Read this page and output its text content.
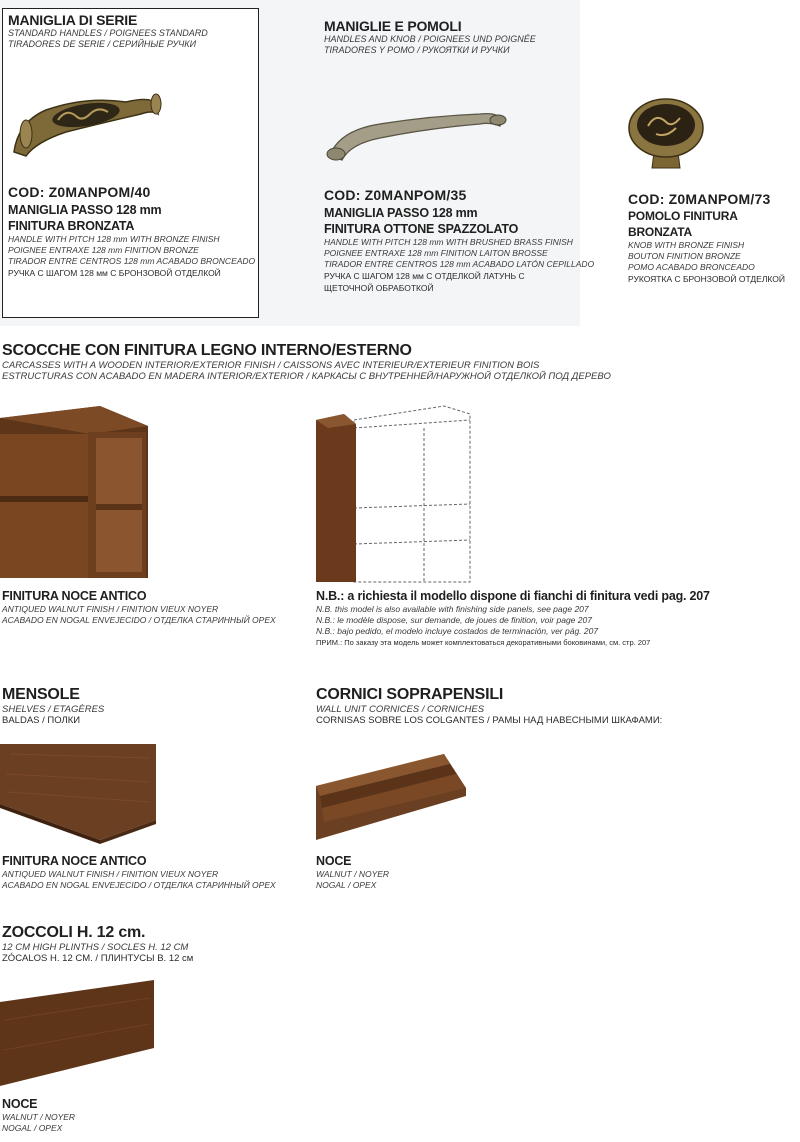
MANIGLIA DI SERIE
STANDARD HANDLES / POIGNEES STANDARD
TIRADORES DE SERIE / СЕРИЙНЫЕ РУЧКИ
COD: Z0MANPOM/40
MANIGLIA PASSO 128 mm
FINITURA BRONZATA
HANDLE WITH PITCH 128 mm WITH BRONZE FINISH
POIGNEE ENTRAXE 128 mm FINITION BRONZE
TIRADOR ENTRE CENTROS 128 mm ACABADO BRONCEADO
РУЧКА С ШАГОМ 128 мм С БРОНЗОВОЙ ОТДЕЛКОЙ
MANIGLIE E POMOLI
HANDLES AND KNOB / POIGNEES UND POIGNÉE
TIRADORES Y POMO / РУКОЯТКИ И РУЧКИ
COD: Z0MANPOM/35
MANIGLIA PASSO 128 mm
FINITURA OTTONE SPAZZOLATO
HANDLE WITH PITCH 128 mm WITH BRUSHED BRASS FINISH
POIGNEE ENTRAXE 128 mm FINITION LAITON BROSSE
TIRADOR ENTRE CENTROS 128 mm ACABADO LATÓN CEPILLADO
РУЧКА С ШАГОМ 128 мм С ОТДЕЛКОЙ ЛАТУНЬ С
ЩЕТОЧНОЙ ОБРАБОТКОЙ
COD: Z0MANPOM/73
POMOLO FINITURA BRONZATA
KNOB WITH BRONZE FINISH
BOUTON FINITION BRONZE
POMO ACABADO BRONCEADO
РУКОЯТКА С БРОНЗОВОЙ ОТДЕЛКОЙ
SCOCCHE CON FINITURA LEGNO INTERNO/ESTERNO
CARCASSES WITH A WOODEN INTERIOR/EXTERIOR FINISH / CAISSONS AVEC INTERIEUR/EXTERIEUR FINITION BOIS
ESTRUCTURAS CON ACABADO EN MADERA INTERIOR/EXTERIOR / КАРКАСЫ С ВНУТРЕННЕЙ/НАРУЖНОЙ ОТДЕЛКОЙ ПОД ДЕРЕВО
FINITURA NOCE ANTICO
ANTIQUED WALNUT FINISH / FINITION VIEUX NOYER
ACABADO EN NOGAL ENVEJECIDO / ОТДЕЛКА СТАРИННЫЙ ОРЕХ
N.B.: a richiesta il modello dispone di fianchi di finitura vedi pag. 207
N.B. this model is also available with finishing side panels, see page 207
N.B.: le modèle dispose, sur demande, de joues de finition, voir page 207
N.B.: bajo pedido, el modelo incluye costados de terminación, ver pág. 207
ПРИМ.: По заказу эта модель может комплектоваться декоративными боковинами, см. стр. 207
MENSOLE
SHELVES / ETAGÈRES
BALDAS / ПОЛКИ
FINITURA NOCE ANTICO
ANTIQUED WALNUT FINISH / FINITION VIEUX NOYER
ACABADO EN NOGAL ENVEJECIDO / ОТДЕЛКА СТАРИННЫЙ ОРЕХ
CORNICI SOPRAPENSILI
WALL UNIT CORNICES / CORNICHES
CORNISAS SOBRE LOS COLGANTES / РАМЫ НАД НАВЕСНЫМИ ШКАФАМИ:
NOCE
WALNUT / NOYER
NOGAL / ОРЕХ
ZOCCOLI H. 12 cm.
12 CM HIGH PLINTHS / SOCLES H. 12 CM
ZÓCALOS H. 12 CM. / ПЛИНТУСЫ В. 12 см
NOCE
WALNUT / NOYER
NOGAL / ОРЕХ
